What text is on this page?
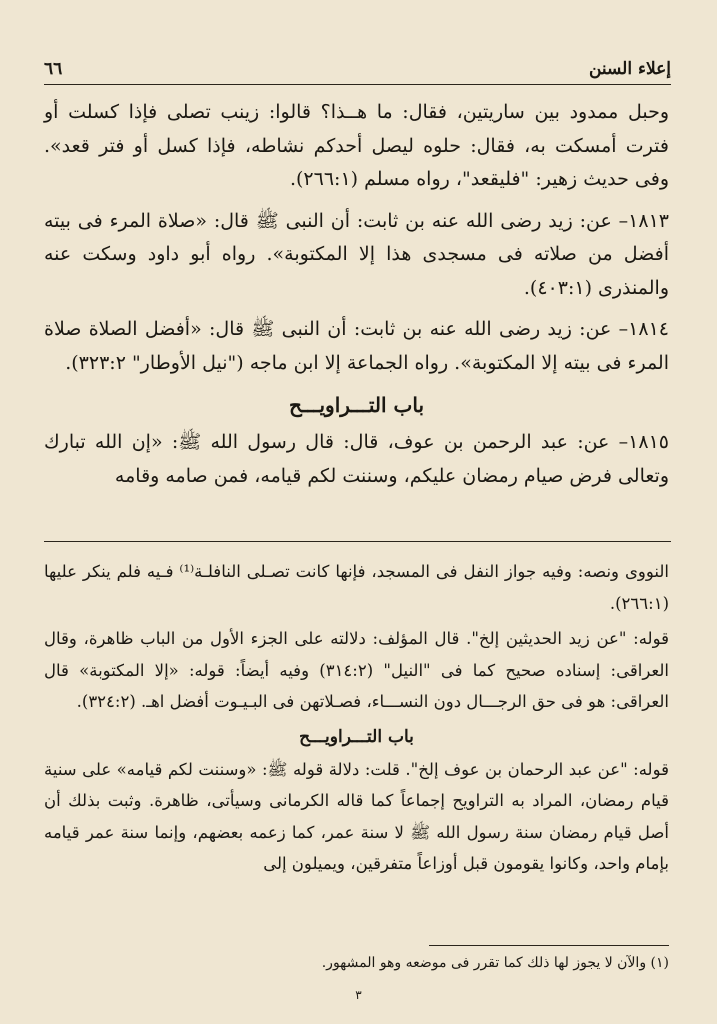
إعلاء السنن
٦٦

وحبل ممدود بين ساريتين، فقال: ما هــذا؟ قالوا: زينب تصلى فإذا كسلت أو فترت أمسكت به، فقال: حلوه ليصل أحدكم نشاطه، فإذا كسل أو فتر قعد». وفى حديث زهير: "فليقعد"، رواه مسلم (٢٦٦:١).

١٨١٣– عن: زيد رضى الله عنه بن ثابت: أن النبى ﷺ قال: «صلاة المرء فى بيته أفضل من صلاته فى مسجدى هذا إلا المكتوبة». رواه أبو داود وسكت عنه والمنذرى (٤٠٣:١).

١٨١٤– عن: زيد رضى الله عنه بن ثابت: أن النبى ﷺ قال: «أفضل الصلاة صلاة المرء فى بيته إلا المكتوبة». رواه الجماعة إلا ابن ماجه ("نيل الأوطار" ٣٢٣:٢).

باب التـــراويـــح

١٨١٥– عن: عبد الرحمن بن عوف، قال: قال رسول الله ﷺ: «إن الله تبارك وتعالى فرض صيام رمضان عليكم، وسننت لكم قيامه، فمن صامه وقامه

النووى ونصه: وفيه جواز النفل فى المسجد، فإنها كانت تصـلى النافلـة⁽¹⁾ فـيه فلم ينكر عليها (٢٦٦:١).

قوله: "عن زيد الحديثين إلخ". قال المؤلف: دلالته على الجزء الأول من الباب ظاهرة، وقال العراقى: إسناده صحيح كما فى "النيل" (٣١٤:٢) وفيه أيضاً: قوله: «إلا المكتوبة» قال العراقى: هو فى حق الرجـــال دون النســـاء، فصـلاتهن فى البـيـوت أفضل اهـ. (٣٢٤:٢).

باب التـــراويـــح

قوله: "عن عبد الرحمان بن عوف إلخ". قلت: دلالة قوله ﷺ: «وسننت لكم قيامه» على سنية قيام رمضان، المراد به التراويح إجماعاً كما قاله الكرمانى وسيأتى، ظاهرة. وثبت بذلك أن أصل قيام رمضان سنة رسول الله ﷺ لا سنة عمر، كما زعمه بعضهم، وإنما سنة عمر قيامه بإمام واحد، وكانوا يقومون قبل أوزاعاً متفرقين، ويميلون إلى

(١) والآن لا يجوز لها ذلك كما تقرر فى موضعه وهو المشهور.
٣
